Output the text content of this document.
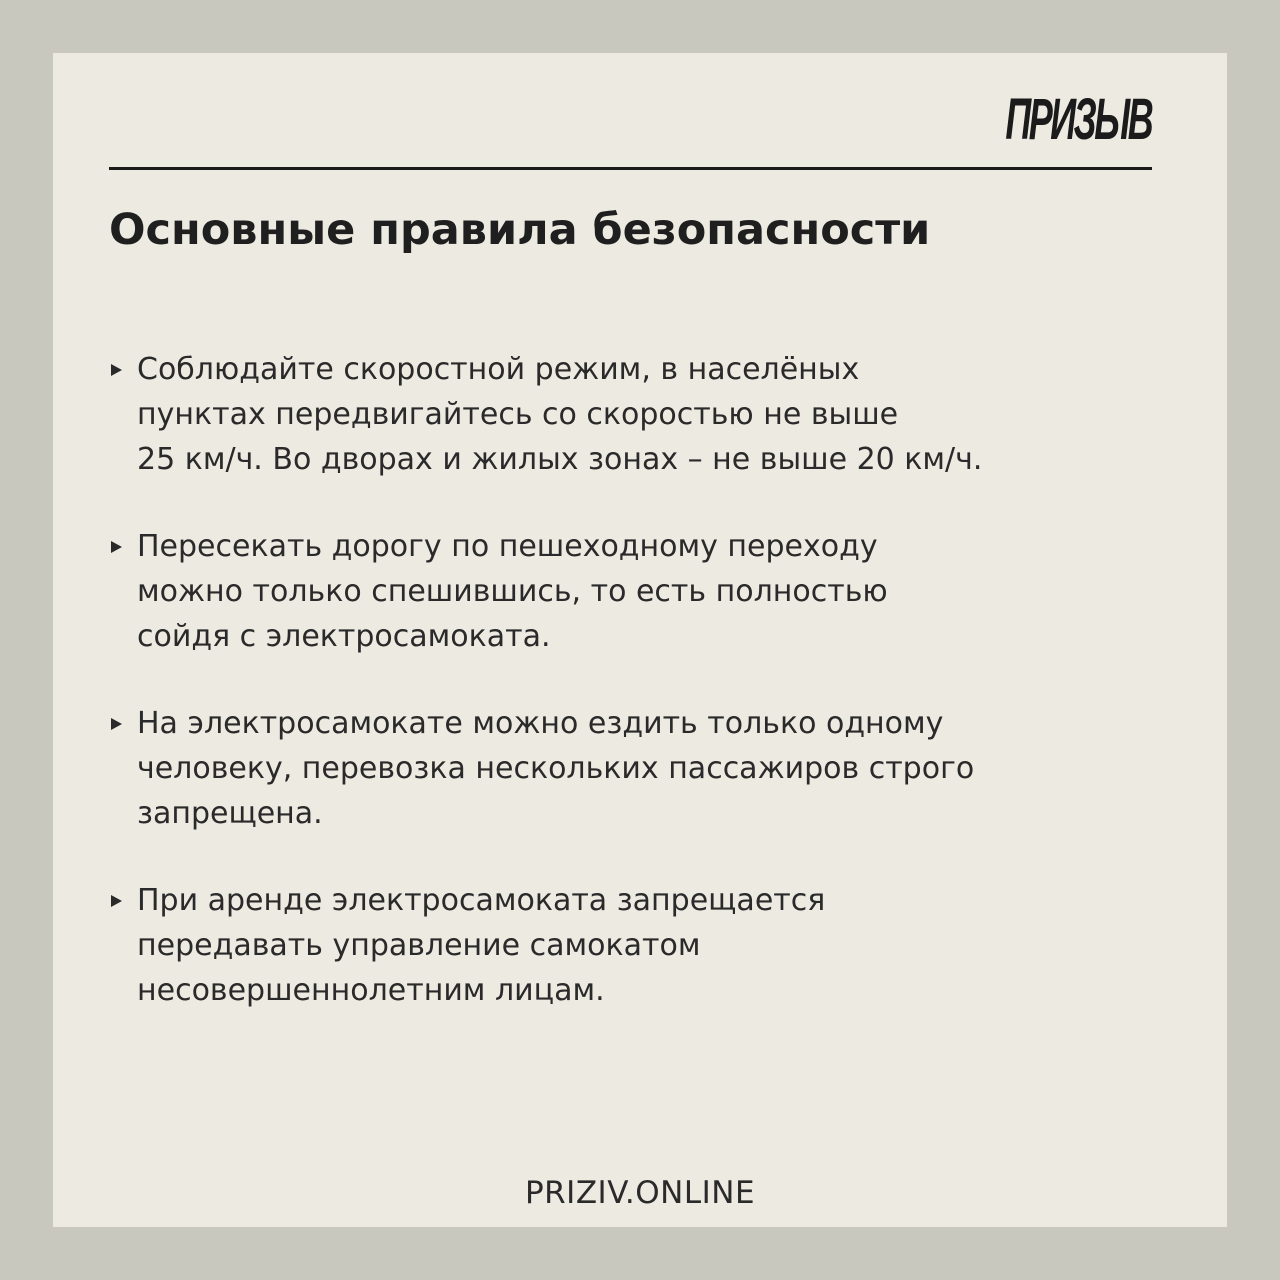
ПРИЗЫВ
Основные правила безопасности
Соблюдайте скоростной режим, в населёных
пунктах передвигайтесь со скоростью не выше
25 км/ч. Во дворах и жилых зонах – не выше 20 км/ч.
Пересекать дорогу по пешеходному переходу
можно только спешившись, то есть полностью
сойдя с электросамоката.
На электросамокате можно ездить только одному
человеку, перевозка нескольких пассажиров строго
запрещена.
При аренде электросамоката запрещается
передавать управление самокатом
несовершеннолетним лицам.
PRIZIV.ONLINE
